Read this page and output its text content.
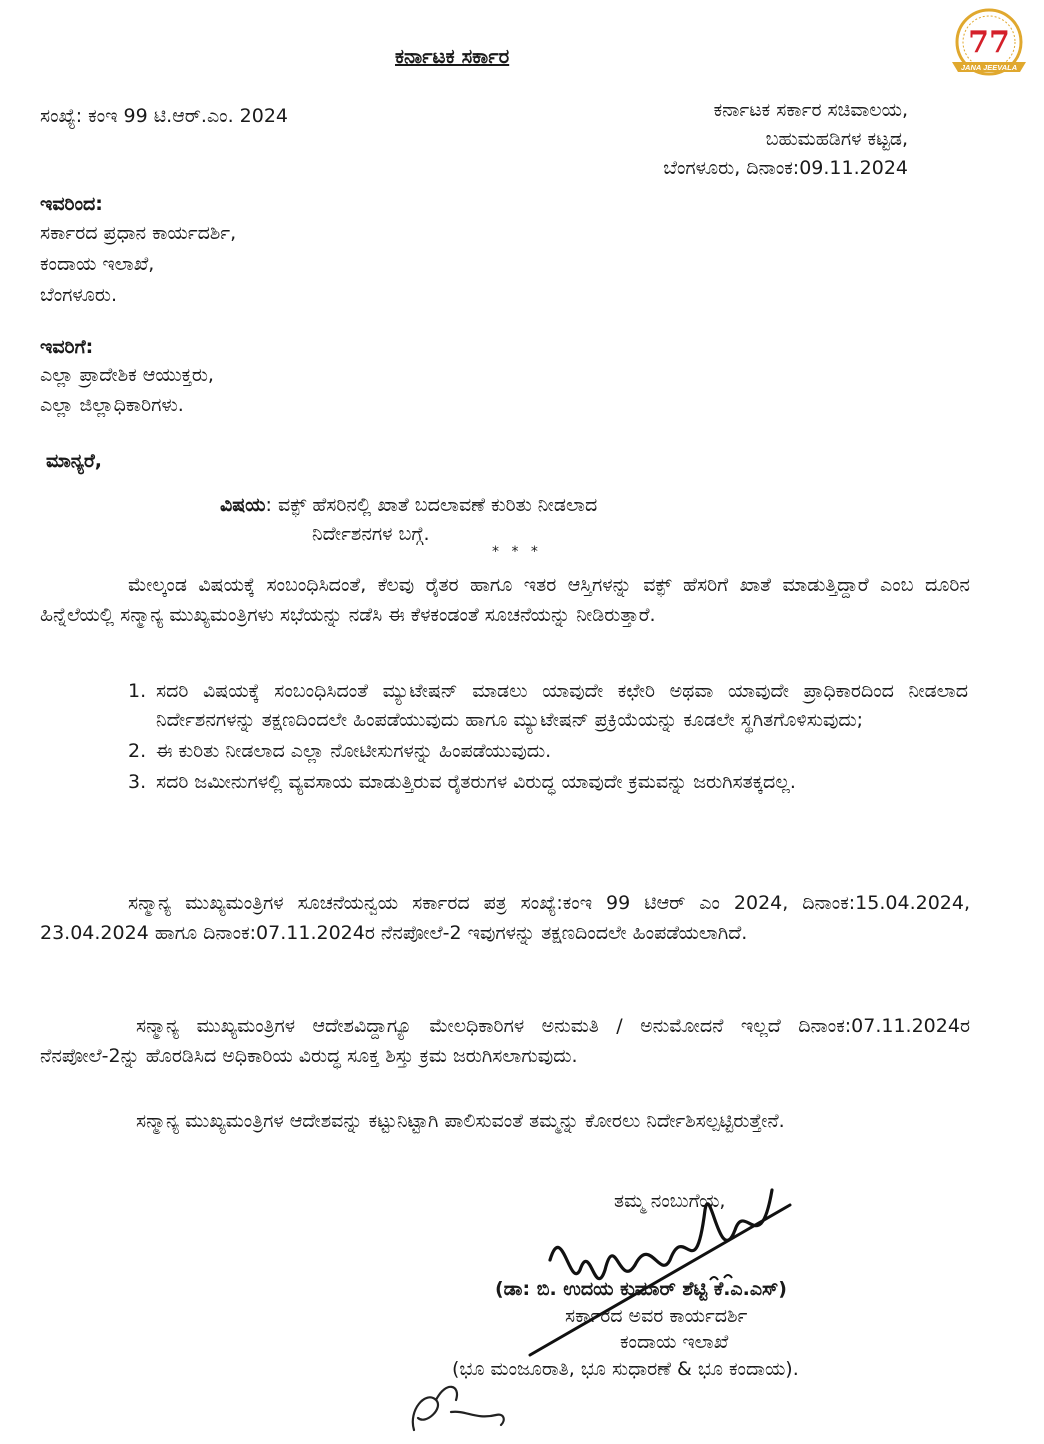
ಕರ್ನಾಟಕ ಸರ್ಕಾರ
ಸಂಖ್ಯೆ: ಕಂಇ 99 ಟಿ.ಆರ್.ಎಂ. 2024	ಕರ್ನಾಟಕ ಸರ್ಕಾರ ಸಚಿವಾಲಯ,
ಬಹುಮಹಡಿಗಳ ಕಟ್ಟಡ,
ಬೆಂಗಳೂರು, ದಿನಾಂಕ:09.11.2024
ಇವರಿಂದ:
ಸರ್ಕಾರದ ಪ್ರಧಾನ ಕಾರ್ಯದರ್ಶಿ,
ಕಂದಾಯ ಇಲಾಖೆ,
ಬೆಂಗಳೂರು.
ಇವರಿಗೆ:
ಎಲ್ಲಾ ಪ್ರಾದೇಶಿಕ ಆಯುಕ್ತರು,
ಎಲ್ಲಾ ಜಿಲ್ಲಾಧಿಕಾರಿಗಳು.
ಮಾನ್ಯರೆ,
ವಿಷಯ: ವಕ್ಫ್ ಹೆಸರಿನಲ್ಲಿ ಖಾತೆ ಬದಲಾವಣೆ ಕುರಿತು ನೀಡಲಾದ
ನಿರ್ದೇಶನಗಳ ಬಗ್ಗೆ.
* * *
ಮೇಲ್ಕಂಡ ವಿಷಯಕ್ಕೆ ಸಂಬಂಧಿಸಿದಂತೆ, ಕೆಲವು ರೈತರ ಹಾಗೂ ಇತರ ಆಸ್ತಿಗಳನ್ನು ವಕ್ಫ್ ಹೆಸರಿಗೆ ಖಾತೆ ಮಾಡುತ್ತಿದ್ದಾರೆ ಎಂಬ ದೂರಿನ ಹಿನ್ನೆಲೆಯಲ್ಲಿ ಸನ್ಮಾನ್ಯ ಮುಖ್ಯಮಂತ್ರಿಗಳು ಸಭೆಯನ್ನು ನಡೆಸಿ ಈ ಕೆಳಕಂಡಂತೆ ಸೂಚನೆಯನ್ನು ನೀಡಿರುತ್ತಾರೆ.
1. ಸದರಿ ವಿಷಯಕ್ಕೆ ಸಂಬಂಧಿಸಿದಂತೆ ಮ್ಯುಟೇಷನ್ ಮಾಡಲು ಯಾವುದೇ ಕಛೇರಿ ಅಥವಾ ಯಾವುದೇ ಪ್ರಾಧಿಕಾರದಿಂದ ನೀಡಲಾದ ನಿರ್ದೇಶನಗಳನ್ನು ತಕ್ಷಣದಿಂದಲೇ ಹಿಂಪಡೆಯುವುದು ಹಾಗೂ ಮ್ಯುಟೇಷನ್ ಪ್ರಕ್ರಿಯೆಯನ್ನು ಕೂಡಲೇ ಸ್ಥಗಿತಗೊಳಿಸುವುದು;
2. ಈ ಕುರಿತು ನೀಡಲಾದ ಎಲ್ಲಾ ನೋಟೀಸುಗಳನ್ನು ಹಿಂಪಡೆಯುವುದು.
3. ಸದರಿ ಜಮೀನುಗಳಲ್ಲಿ ವ್ಯವಸಾಯ ಮಾಡುತ್ತಿರುವ ರೈತರುಗಳ ವಿರುದ್ಧ ಯಾವುದೇ ಕ್ರಮವನ್ನು ಜರುಗಿಸತಕ್ಕದಲ್ಲ.
ಸನ್ಮಾನ್ಯ ಮುಖ್ಯಮಂತ್ರಿಗಳ ಸೂಚನೆಯನ್ವಯ ಸರ್ಕಾರದ ಪತ್ರ ಸಂಖ್ಯೆ:ಕಂಇ 99 ಟಿಆರ್ ಎಂ 2024, ದಿನಾಂಕ:15.04.2024, 23.04.2024 ಹಾಗೂ ದಿನಾಂಕ:07.11.2024ರ ನೆನಪೋಲೆ-2 ಇವುಗಳನ್ನು ತಕ್ಷಣದಿಂದಲೇ ಹಿಂಪಡೆಯಲಾಗಿದೆ.
ಸನ್ಮಾನ್ಯ ಮುಖ್ಯಮಂತ್ರಿಗಳ ಆದೇಶವಿದ್ದಾಗ್ಯೂ ಮೇಲಧಿಕಾರಿಗಳ ಅನುಮತಿ / ಅನುಮೋದನೆ ಇಲ್ಲದೆ ದಿನಾಂಕ:07.11.2024ರ ನೆನಪೋಲೆ-2ನ್ನು ಹೊರಡಿಸಿದ ಅಧಿಕಾರಿಯ ವಿರುದ್ಧ ಸೂಕ್ತ ಶಿಸ್ತು ಕ್ರಮ ಜರುಗಿಸಲಾಗುವುದು.
ಸನ್ಮಾನ್ಯ ಮುಖ್ಯಮಂತ್ರಿಗಳ ಆದೇಶವನ್ನು ಕಟ್ಟುನಿಟ್ಟಾಗಿ ಪಾಲಿಸುವಂತೆ ತಮ್ಮನ್ನು ಕೋರಲು ನಿರ್ದೇಶಿಸಲ್ಪಟ್ಟಿರುತ್ತೇನೆ.
ತಮ್ಮ ನಂಬುಗೆಯ,
(ಡಾ: ಬಿ. ಉದಯ ಕುಮಾರ್ ಶೆಟ್ಟಿ ಕೆ.ಎ.ಎಸ್)
ಸರ್ಕಾರದ ಅವರ ಕಾರ್ಯದರ್ಶಿ
ಕಂದಾಯ ಇಲಾಖೆ
(ಭೂ ಮಂಜೂರಾತಿ, ಭೂ ಸುಧಾರಣೆ & ಭೂ ಕಂದಾಯ).
77
JANA JEEVALA
